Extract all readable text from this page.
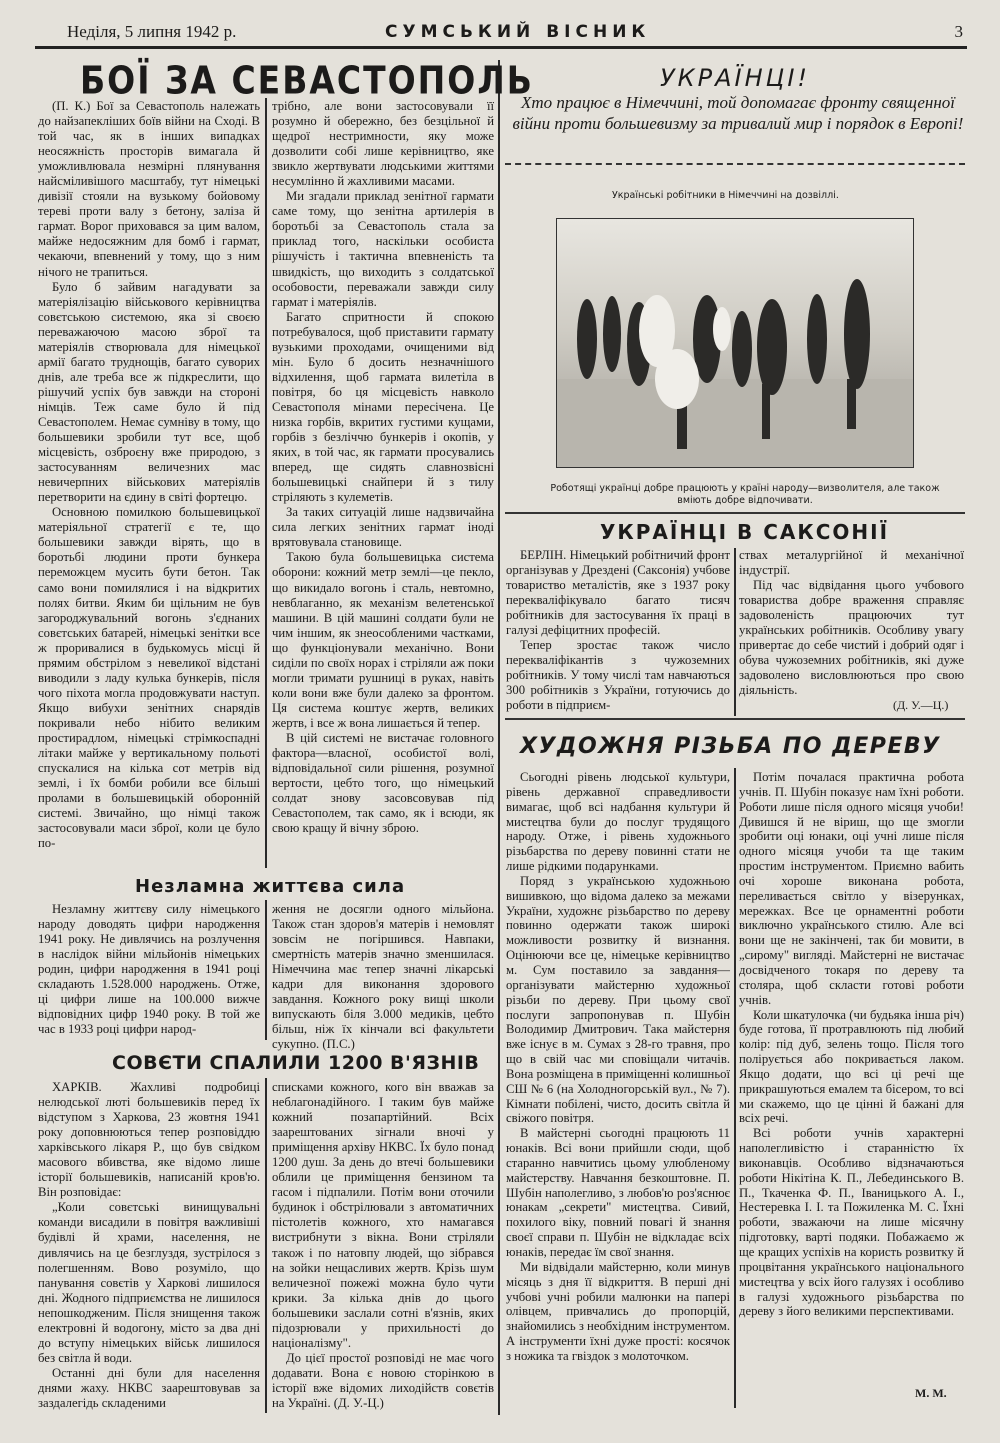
Неділя, 5 липня 1942 р.	СУМСЬКИЙ ВІСНИК	3
БОЇ ЗА СЕВАСТОПОЛЬ

(П. К.) Бої за Севастополь належать до найзапекліших боїв війни на Сході. В той час, як в інших випадках неосяжність просторів вимагала й уможливлювала незмірні плянування найсміливішого масштабу, тут німецькі дивізії стояли на вузькому бойовому тереві проти валу з бетону, заліза й гармат. Ворог приховався за цим валом, майже недосяжним для бомб і гармат, чекаючи, впевнений у тому, що з ним нічого не трапиться.

Було б зайвим нагадувати за матеріялізацію військового керівництва совєтською системою, яка зі своєю переважаючою масою зброї та матеріялів створювала для німецької армії багато труднощів, багато суворих днів, але треба все ж підкреслити, що рішучий успіх був завжди на стороні німців. Теж саме було й під Севастополем. Немає сумніву в тому, що большевики зробили тут все, щоб місцевість, озброєну вже природою, з застосуванням величезних мас невичерпних військових матеріялів перетворити на єдину в світі фортецю.

Основною помилкою большевицької матеріяльної стратегії є те, що большевики завжди вірять, що в боротьбі людини проти бункера переможцем мусить бути бетон. Так само вони помилялися і на відкритих полях битви. Яким би щільним не був загороджувальний вогонь з'єднаних совєтських батарей, німецькі зенітки все ж проривалися в будькомусь місці й прямим обстрілом з невеликої відстані виводили з ладу кулька бункерів, після чого піхота могла продовжувати наступ. Якщо вибухи зенітних снарядів покривали небо нібито великим простирадлом, німецькі стрімкоспадні літаки майже у вертикальному польоті спускалися на кілька сот метрів від землі, і їх бомби робили все більші пролами в большевицькій оборонній системі. Звичайно, що німці також застосовували маси зброї, коли це було по-

трібно, але вони застосовували її розумно й обережно, без безцільної й щедрої нестримности, яку може дозволити собі лише керівництво, яке звикло жертвувати людськими життями несумлінно й жахливими масами.

Ми згадали приклад зенітної гармати саме тому, що зенітна артилерія в боротьбі за Севастополь стала за приклад того, наскільки особиста рішучість і тактична впевненість та швидкість, що виходить з солдатської особовости, переважали завжди силу гармат і матеріялів.

Багато спритности й спокою потребувалося, щоб приставити гармату вузькими проходами, очищеними від мін. Було б досить незначнішого відхилення, щоб гармата вилетіла в повітря, бо ця місцевість навколо Севастополя мінами пересічена. Це низка горбів, вкритих густими кущами, горбів з безліччю бункерів і окопів, у яких, в той час, як гармати просувались вперед, ще сидять славнозвісні большевицькі снайпери й з тилу стріляють з кулеметів.

За таких ситуацій лише надзвичайна сила легких зенітних гармат іноді врятовувала становище.

Такою була большевицька система оборони: кожний метр землі—це пекло, що викидало вогонь і сталь, невтомно, невблаганно, як механізм велетенської машини. В цій машині солдати були не чим іншим, як знеособленими частками, що функціонували механічно. Вони сиділи по своїх норах і стріляли аж поки могли тримати рушниці в руках, навіть коли вони вже були далеко за фронтом. Ця система коштує жертв, великих жертв, і все ж вона лишається й тепер.

В цій системі не вистачає головного фактора—власної, особистої волі, відповідальної сили рішення, розумної вертости, цебто того, що німецький солдат знову засовсовував під Севастополем, так само, як і всюди, як свою кращу й вічну зброю.

Незламна життєва сила

Незламну життєву силу німецького народу доводять цифри народження 1941 року. Не дивлячись на розлучення в наслідок війни мільйонів німецьких родин, цифри народження в 1941 році складають 1.528.000 народжень. Отже, ці цифри лише на 100.000 вижче відповідних цифр 1940 року. В той же час в 1933 році цифри народ-

ження не досягли одного мільйона. Також стан здоров'я матерів і немовлят зовсім не погіршився. Навпаки, смертність матерів значно зменшилася. Німеччина має тепер значні лікарські кадри для виконання здорового завдання. Кожного року вищі школи випускають біля 3.000 медиків, цебто більш, ніж їх кінчали всі факультети сукупно. (П.С.)

СОВЄТИ СПАЛИЛИ 1200 В'ЯЗНІВ

ХАРКІВ. Жахливі подробиці нелюдської люті большевиків перед їх відступом з Харкова, 23 жовтня 1941 року доповнюються тепер розповіддю харківського лікаря Р., що був свідком масового вбивства, яке відомо лише історії большевиків, написаній кров'ю. Він розповідає:

„Коли совєтські винищувальні команди висадили в повітря важливіші будівлі й храми, населення, не дивлячись на це безглуздя, зустрілося з полегшенням. Вово розуміло, що панування совєтів у Харкові лишилося дні. Жодного підприємства не лишилося непошкодженим. Після знищення також електровні й водогону, місто за два дні до вступу німецьких військ лишилося без світла й води.

Останні дні були для населення днями жаху. НКВС заарештовував за заздалегідь складеними

списками кожного, кого він вважав за неблагонадійного. І таким був майже кожний позапартійний. Всіх заарештованих зігнали вночі у приміщення архіву НКВС. Їх було понад 1200 душ. За день до втечі большевики облили це приміщення бензином та гасом і підпалили. Потім вони оточили будинок і обстрілювали з автоматичних пістолетів кожного, хто намагався вистрибнути з вікна. Вони стріляли також і по натовпу людей, що зібрався на зойки нещасливих жертв. Крізь шум величезної пожежі можна було чути крики. За кілька днів до цього большевики заслали сотні в'язнів, яких підозрювали у прихильності до націоналізму".

До цієї простої розповіді не має чого додавати. Вона є новою сторінкою в історії вже відомих лиходійств совєтів на Україні. (Д. У.-Ц.)

УКРАЇНЦІ!
Хто працює в Німеччині, той допомагає фронту священної війни проти большевизму за тривалий мир і порядок в Европі!
Українські робітники в Німеччині на дозвіллі.
Роботящі українці добре працюють у країні народу—визволителя, але також вміють добре відпочивати.
УКРАЇНЦІ В САКСОНІЇ

БЕРЛІН. Німецький робітничий фронт організував у Дрездені (Саксонія) учбове товариство металістів, яке з 1937 року перекваліфікувало багато тисяч робітників для застосування їх праці в галузі дефіцитних професій.

Тепер зростає також число перекваліфікантів з чужоземних робітників. У тому числі там навчаються 300 робітників з України, готуючись до роботи в підприєм-

ствах металургійної й механічної індустрії.

Під час відвідання цього учбового товариства добре враження справляє задоволеність працюючих тут українських робітників. Особливу увагу привертає до себе чистий і добрий одяг і обува чужоземних робітників, які дуже задоволено висловлюються про свою діяльність.

(Д. У.—Ц.)
ХУДОЖНЯ РІЗЬБА ПО ДЕРЕВУ

Сьогодні рівень людської культури, рівень державної справедливости вимагає, щоб всі надбання культури й мистецтва були до послуг трудящого народу. Отже, і рівень художнього різьбарства по дереву повинні стати не лише рідкими подарунками.

Поряд з українською художньою вишивкою, що відома далеко за межами України, художнє різьбарство по дереву повинно одержати також широкі можливости розвитку й визнання. Оцінюючи все це, німецьке керівництво м. Сум поставило за завдання—організувати майстерню художньої різьби по дереву. При цьому свої послуги запропонував п. Шубін Володимир Дмитрович. Така майстерня вже існує в м. Сумах з 28-го травня, про що в свій час ми сповіщали читачів. Вона розміщена в приміщенні колишньої СШ № 6 (на Холодногорській вул., № 7). Кімнати побілені, чисто, досить світла й свіжого повітря.

В майстерні сьогодні працюють 11 юнаків. Всі вони прийшли сюди, щоб старанно навчитись цьому улюбленому майстерству. Навчання безкоштовне. П. Шубін наполегливо, з любов'ю роз'яснює юнакам „секрети" мистецтва. Сивий, похилого віку, повний повагі й знання своєї справи п. Шубін не відкладає всіх юнаків, передає їм свої знання.

Ми відвідали майстерню, коли минув місяць з дня її відкриття. В перші дні учбові учні робили малюнки на папері олівцем, привчались до пропорцій, знайомились з необхідним інструментом. А інструменти їхні дуже прості: косячок з ножика та гвіздок з молоточком.

Потім почалася практична робота учнів. П. Шубін показує нам їхні роботи. Роботи лише після одного місяця учоби! Дивишся й не віриш, що ще змогли зробити оці юнаки, оці учні лише після одного місяця учоби та ще таким простим інструментом. Приємно вабить очі хороше виконана робота, переливається світло у візерунках, мережках. Все це орнаментні роботи виключно українського стилю. Але всі вони ще не закінчені, так би мовити, в „сирому" вигляді. Майстерні не вистачає досвідченого токаря по дереву та столяра, щоб скласти готові роботи учнів.

Коли шкатулочка (чи будьяка інша річ) буде готова, її протравлюють під любий колір: під дуб, зелень тощо. Після того полірується або покривається лаком. Якщо додати, що всі ці речі ще прикрашуються емалем та бісером, то всі ми скажемо, що це цінні й бажані для всіх речі.

Всі роботи учнів характерні наполегливістю і старанністю їх виконавців. Особливо відзначаються роботи Нікітіна К. П., Лебединського В. П., Ткаченка Ф. П., Іваницького А. І., Нестеревка І. І. та Пожиленка М. С. Їхні роботи, зважаючи на лише місячну підготовку, варті подяки. Побажаємо ж ще кращих успіхів на користь розвитку й процвітання українського національного мистецтва у всіх його галузях і особливо в галузі художнього різьбарства по дереву з його великими перспективами.

М. М.
